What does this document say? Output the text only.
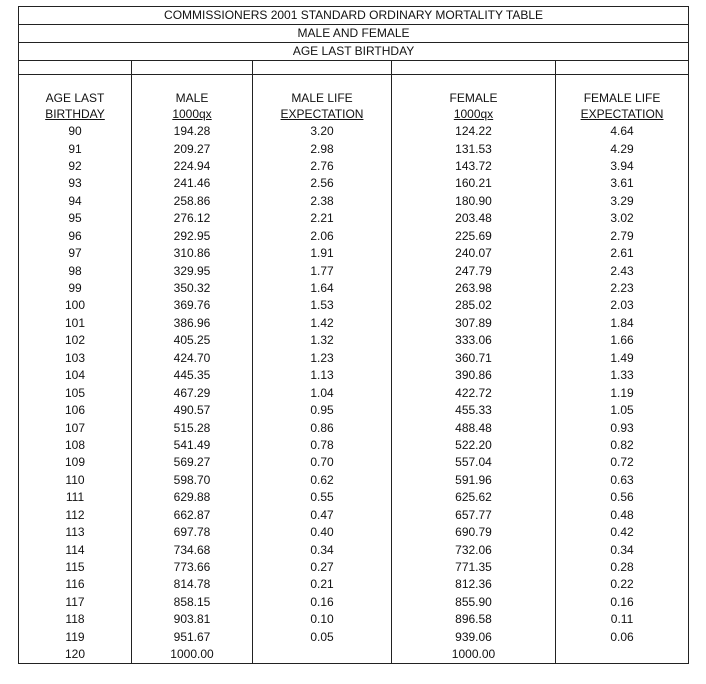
COMMISSIONERS 2001 STANDARD ORDINARY MORTALITY TABLE				
MALE AND FEMALE				
AGE LAST BIRTHDAY				

AGE LAST	MALE	MALE LIFE	FEMALE	FEMALE LIFE
BIRTHDAY	1000qx	EXPECTATION	1000qx	EXPECTATION
90	194.28	3.20	124.22	4.64
91	209.27	2.98	131.53	4.29
92	224.94	2.76	143.72	3.94
93	241.46	2.56	160.21	3.61
94	258.86	2.38	180.90	3.29
95	276.12	2.21	203.48	3.02
96	292.95	2.06	225.69	2.79
97	310.86	1.91	240.07	2.61
98	329.95	1.77	247.79	2.43
99	350.32	1.64	263.98	2.23
100	369.76	1.53	285.02	2.03
101	386.96	1.42	307.89	1.84
102	405.25	1.32	333.06	1.66
103	424.70	1.23	360.71	1.49
104	445.35	1.13	390.86	1.33
105	467.29	1.04	422.72	1.19
106	490.57	0.95	455.33	1.05
107	515.28	0.86	488.48	0.93
108	541.49	0.78	522.20	0.82
109	569.27	0.70	557.04	0.72
110	598.70	0.62	591.96	0.63
111	629.88	0.55	625.62	0.56
112	662.87	0.47	657.77	0.48
113	697.78	0.40	690.79	0.42
114	734.68	0.34	732.06	0.34
115	773.66	0.27	771.35	0.28
116	814.78	0.21	812.36	0.22
117	858.15	0.16	855.90	0.16
118	903.81	0.10	896.58	0.11
119	951.67	0.05	939.06	0.06
120	1000.00		1000.00	
